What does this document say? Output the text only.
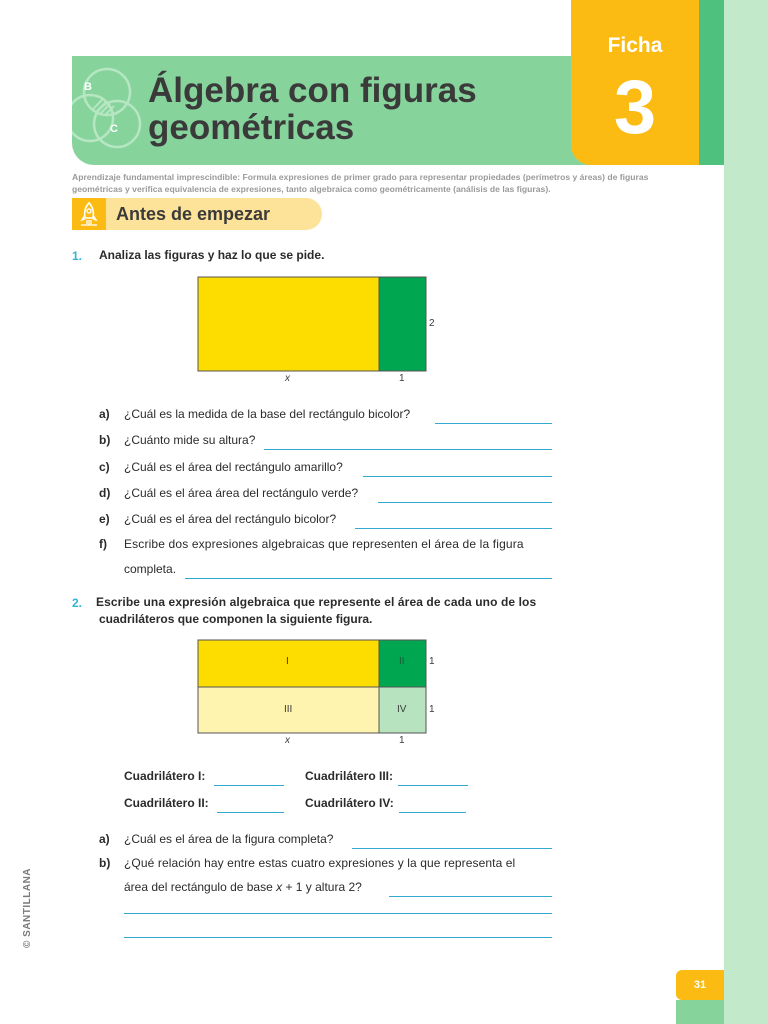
B
C
Álgebra con figuras
geométricas
Ficha
3
Aprendizaje fundamental imprescindible: Formula expresiones de primer grado para representar propiedades (perímetros y áreas) de figuras geométricas y verifica equivalencia de expresiones, tanto algebraica como geométricamente (análisis de las figuras).
Antes de empezar
1. Analiza las figuras y haz lo que se pide.
x	1
2
a) ¿Cuál es la medida de la base del rectángulo bicolor?
b) ¿Cuánto mide su altura?
c) ¿Cuál es el área del rectángulo amarillo?
d) ¿Cuál es el área área del rectángulo verde?
e) ¿Cuál es el área del rectángulo bicolor?
f) Escribe dos expresiones algebraicas que representen el área de la figura
completa.
2. Escribe una expresión algebraica que represente el área de cada uno de los
cuadriláteros que componen la siguiente figura.
I	II
III	IV
1
1
x	1
Cuadrilátero I:	Cuadrilátero III:
Cuadrilátero II:	Cuadrilátero IV:
a) ¿Cuál es el área de la figura completa?
b) ¿Qué relación hay entre estas cuatro expresiones y la que representa el
área del rectángulo de base x + 1 y altura 2?
© SANTILLANA
31
